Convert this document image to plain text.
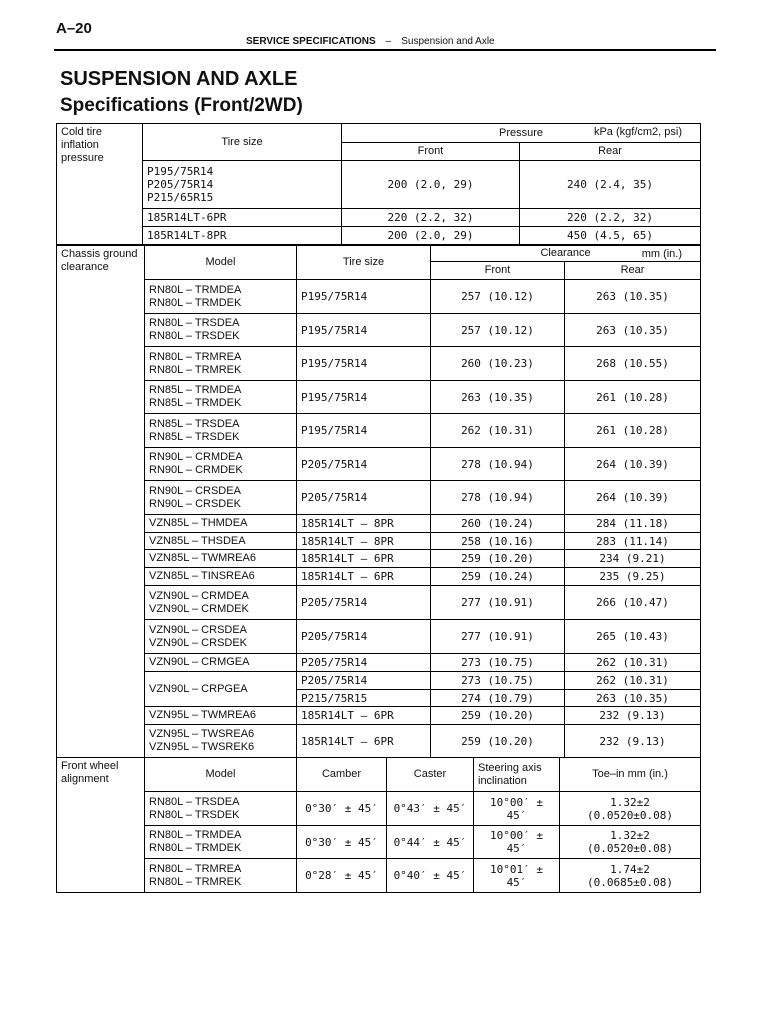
A–20
SERVICE SPECIFICATIONS – Suspension and Axle
SUSPENSION AND AXLE
Specifications (Front/2WD)
Cold tire inflation pressure	Tire size	Pressure kPa (kgf/cm2, psi)	

		Front	Rear

	P195/75R14
P205/75R14
P215/65R15	200 (2.0, 29)	240 (2.4, 35)
	185R14LT-6PR	220 (2.2, 32)	220 (2.2, 32)
	185R14LT-8PR	200 (2.0, 29)	450 (4.5, 65)
Chassis ground clearance	Model	Tire size	Clearance mm (in.)	

			Front	Rear

	RN80L – TRMDEA
RN80L – TRMDEK	P195/75R14	257 (10.12)	263 (10.35)

	RN80L – TRSDEA
RN80L – TRSDEK	P195/75R14	257 (10.12)	263 (10.35)

	RN80L – TRMREA
RN80L – TRMREK	P195/75R14	260 (10.23)	268 (10.55)

	RN85L – TRMDEA
RN85L – TRMDEK	P195/75R14	263 (10.35)	261 (10.28)

	RN85L – TRSDEA
RN85L – TRSDEK	P195/75R14	262 (10.31)	261 (10.28)

	RN90L – CRMDEA
RN90L – CRMDEK	P205/75R14	278 (10.94)	264 (10.39)

	RN90L – CRSDEA
RN90L – CRSDEK	P205/75R14	278 (10.94)	264 (10.39)
	VZN85L – THMDEA	185R14LT — 8PR	260 (10.24)	284 (11.18)
	VZN85L – THSDEA	185R14LT — 8PR	258 (10.16)	283 (11.14)
	VZN85L – TWMREA6	185R14LT — 6PR	259 (10.20)	234 (9.21)
	VZN85L – TINSREA6	185R14LT — 6PR	259 (10.24)	235 (9.25)

	VZN90L – CRMDEA
VZN90L – CRMDEK	P205/75R14	277 (10.91)	266 (10.47)

	VZN90L – CRSDEA
VZN90L – CRSDEK	P205/75R14	277 (10.91)	265 (10.43)
	VZN90L – CRMGEA	P205/75R14	273 (10.75)	262 (10.31)
	VZN90L – CRPGEA	P205/75R14	273 (10.75)	262 (10.31)
		P215/75R15	274 (10.79)	263 (10.35)
	VZN95L – TWMREA6	185R14LT — 6PR	259 (10.20)	232 (9.13)

	VZN95L – TWSREA6
VZN95L – TWSREK6	185R14LT — 6PR	259 (10.20)	232 (9.13)
Front wheel alignment	Model	Camber	Caster	Steering axis inclination	Toe–in mm (in.)

	RN80L – TRSDEA
RN80L – TRSDEK	0°30′ ± 45′	0°43′ ± 45′	10°00′ ± 45′	1.32±2 (0.0520±0.08)

	RN80L – TRMDEA
RN80L – TRMDEK	0°30′ ± 45′	0°44′ ± 45′	10°00′ ± 45′	1.32±2 (0.0520±0.08)

	RN80L – TRMREA
RN80L – TRMREK	0°28′ ± 45′	0°40′ ± 45′	10°01′ ± 45′	1.74±2 (0.0685±0.08)
